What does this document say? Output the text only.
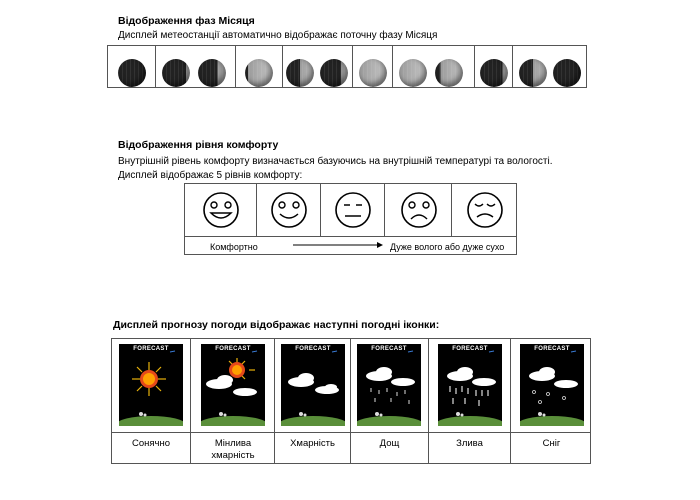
Відображення фаз Місяця
Дисплей метеостанції автоматично відображає поточну фазу Місяця
Відображення рівня комфорту
Внутрішній рівень комфорту визначається базуючись на внутрішній температурі та вологості.
Дисплей відображає 5 рівнів комфорту:
Комфортно	Дуже волого або дуже сухо
Дисплей прогнозу погоди відображає наступні погодні іконки:
FORECAST
Сонячно
FORECAST
Мінлива хмарність
FORECAST
Хмарність
FORECAST
Дощ
FORECAST
Злива
FORECAST
Сніг
